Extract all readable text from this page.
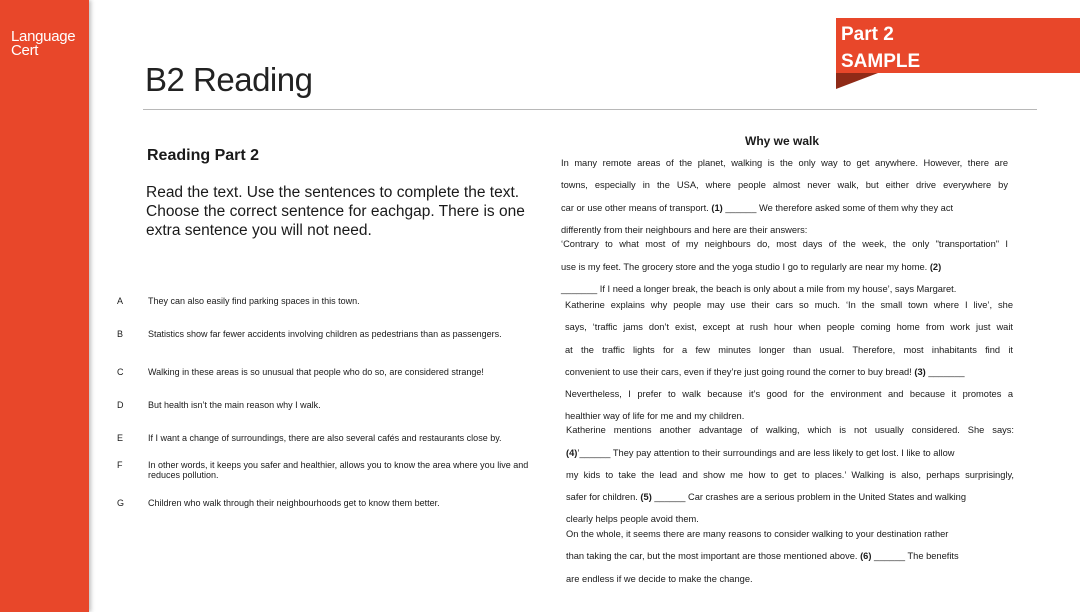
Language
Cert
Part 2
SAMPLE
B2 Reading
Reading Part 2

Read the text. Use the sentences to complete the text. Choose the correct sentence for eachgap. There is one extra sentence you will not need.

A	They can also easily find parking spaces in this town.
B	Statistics show far fewer accidents involving children as pedestrians than as passengers.
C	Walking in these areas is so unusual that people who do so, are considered strange!
D	But health isn’t the main reason why I walk.
E	If I want a change of surroundings, there are also several cafés and restaurants close by.
F	In other words, it keeps you safer and healthier, allows you to know the area where you live and reduces pollution.
G	Children who walk through their neighbourhoods get to know them better.
Why we walk
In many remote areas of the planet, walking is the only way to get anywhere. However, there are
towns, especially in the USA, where people almost never walk, but either drive everywhere by
car or use other means of transport. (1) ______ We therefore asked some of them why they act
differently from their neighbours and here are their answers:
‘Contrary to what most of my neighbours do, most days of the week, the only "transportation" I
use is my feet. The grocery store and the yoga studio I go to regularly are near my home. (2)
_______ If I need a longer break, the beach is only about a mile from my house’, says Margaret.
Katherine explains why people may use their cars so much. ‘In the small town where I live’, she
says, ‘traffic jams don’t exist, except at rush hour when people coming home from work just wait
at the traffic lights for a few minutes longer than usual. Therefore, most inhabitants find it
convenient to use their cars, even if they’re just going round the corner to buy bread! (3) _______
Nevertheless, I prefer to walk because it’s good for the environment and because it promotes a
healthier way of life for me and my children.
Katherine mentions another advantage of walking, which is not usually considered. She says:
(4)’______ They pay attention to their surroundings and are less likely to get lost. I like to allow
my kids to take the lead and show me how to get to places.’ Walking is also, perhaps surprisingly,
safer for children. (5) ______ Car crashes are a serious problem in the United States and walking
clearly helps people avoid them.
On the whole, it seems there are many reasons to consider walking to your destination rather
than taking the car, but the most important are those mentioned above. (6) ______ The benefits
are endless if we decide to make the change.
